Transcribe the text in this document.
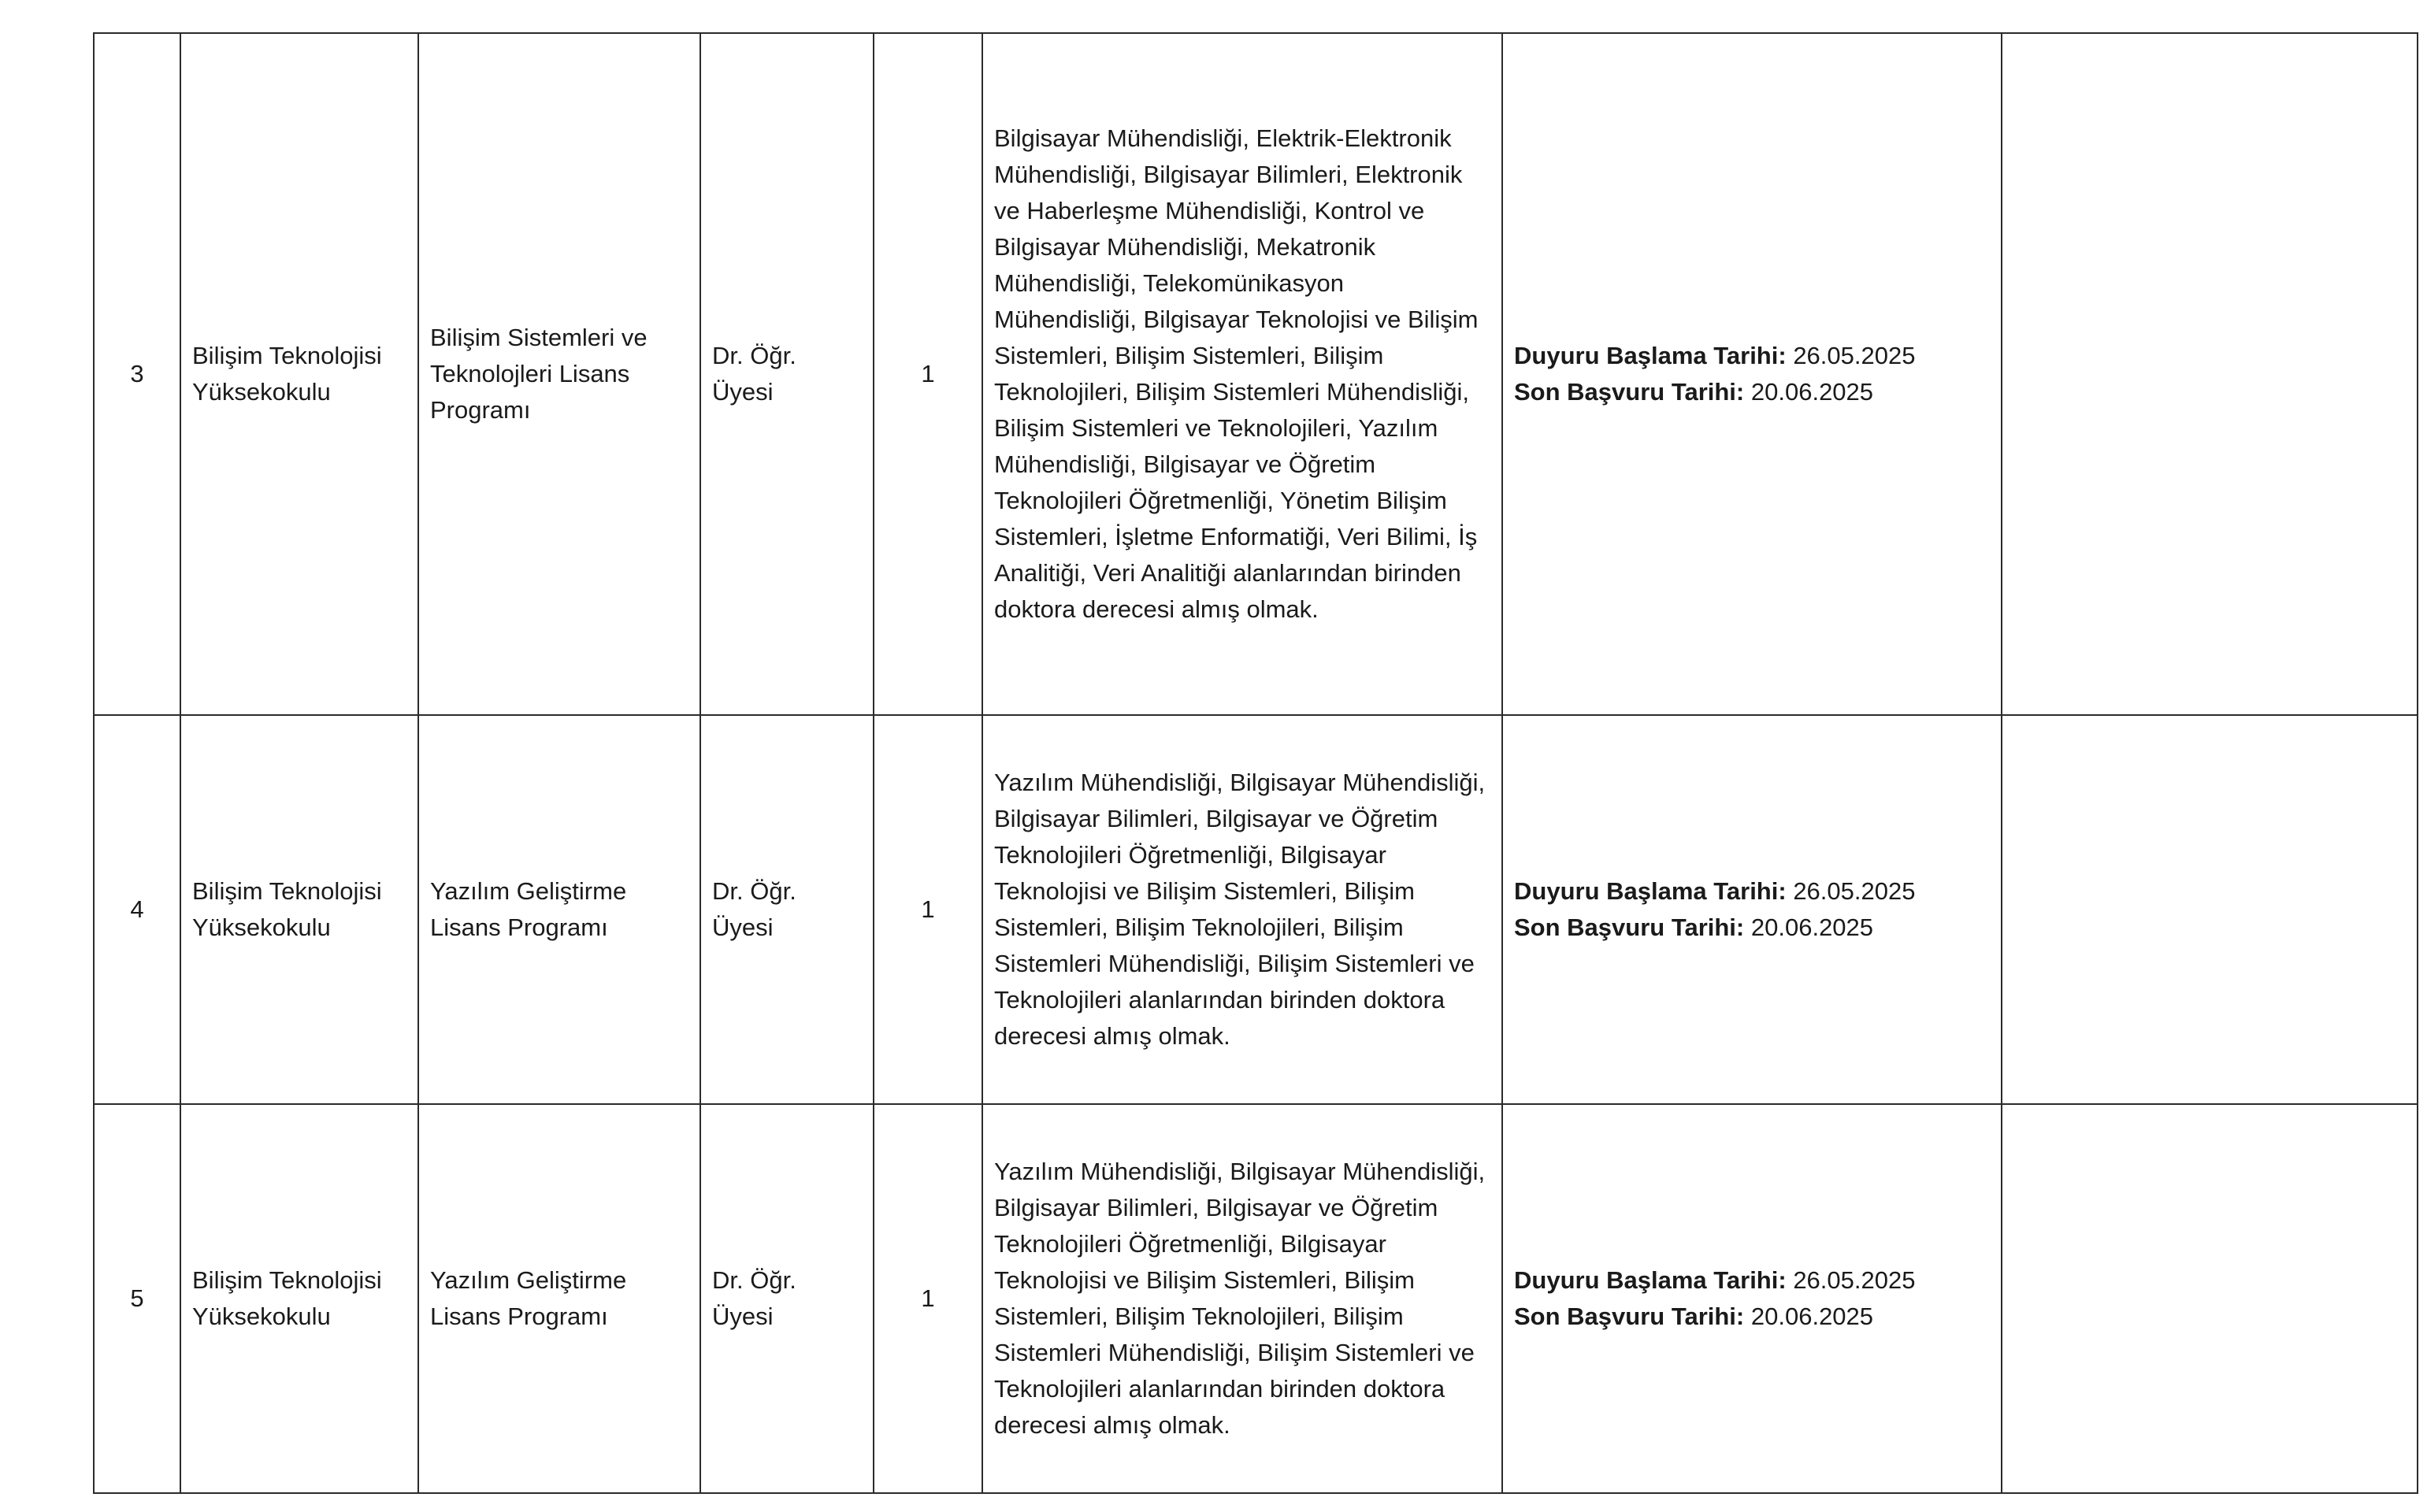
3	Bilişim Teknolojisi Yüksekokulu	Bilişim Sistemleri ve Teknolojleri Lisans Programı	Dr. Öğr. Üyesi	1	Bilgisayar Mühendisliği, Elektrik-Elektronik Mühendisliği, Bilgisayar Bilimleri, Elektronik ve Haberleşme Mühendisliği, Kontrol ve Bilgisayar Mühendisliği, Mekatronik Mühendisliği, Telekomünikasyon Mühendisliği, Bilgisayar Teknolojisi ve Bilişim Sistemleri, Bilişim Sistemleri, Bilişim Teknolojileri, Bilişim Sistemleri Mühendisliği, Bilişim Sistemleri ve Teknolojileri, Yazılım Mühendisliği, Bilgisayar ve Öğretim Teknolojileri Öğretmenliği, Yönetim Bilişim Sistemleri, İşletme Enformatiği, Veri Bilimi, İş Analitiği, Veri Analitiği alanlarından birinden doktora derecesi almış olmak.	Duyuru Başlama Tarihi: 26.05.2025
Son Başvuru Tarihi: 20.06.2025	

4	Bilişim Teknolojisi Yüksekokulu	Yazılım Geliştirme Lisans Programı	Dr. Öğr. Üyesi	1	Yazılım Mühendisliği, Bilgisayar Mühendisliği, Bilgisayar Bilimleri, Bilgisayar ve Öğretim Teknolojileri Öğretmenliği, Bilgisayar Teknolojisi ve Bilişim Sistemleri, Bilişim Sistemleri, Bilişim Teknolojileri, Bilişim Sistemleri Mühendisliği, Bilişim Sistemleri ve Teknolojileri alanlarından birinden doktora derecesi almış olmak.	Duyuru Başlama Tarihi: 26.05.2025
Son Başvuru Tarihi: 20.06.2025	

5	Bilişim Teknolojisi Yüksekokulu	Yazılım Geliştirme Lisans Programı	Dr. Öğr. Üyesi	1	Yazılım Mühendisliği, Bilgisayar Mühendisliği, Bilgisayar Bilimleri, Bilgisayar ve Öğretim Teknolojileri Öğretmenliği, Bilgisayar Teknolojisi ve Bilişim Sistemleri, Bilişim Sistemleri, Bilişim Teknolojileri, Bilişim Sistemleri Mühendisliği, Bilişim Sistemleri ve Teknolojileri alanlarından birinden doktora derecesi almış olmak.	Duyuru Başlama Tarihi: 26.05.2025
Son Başvuru Tarihi: 20.06.2025	
